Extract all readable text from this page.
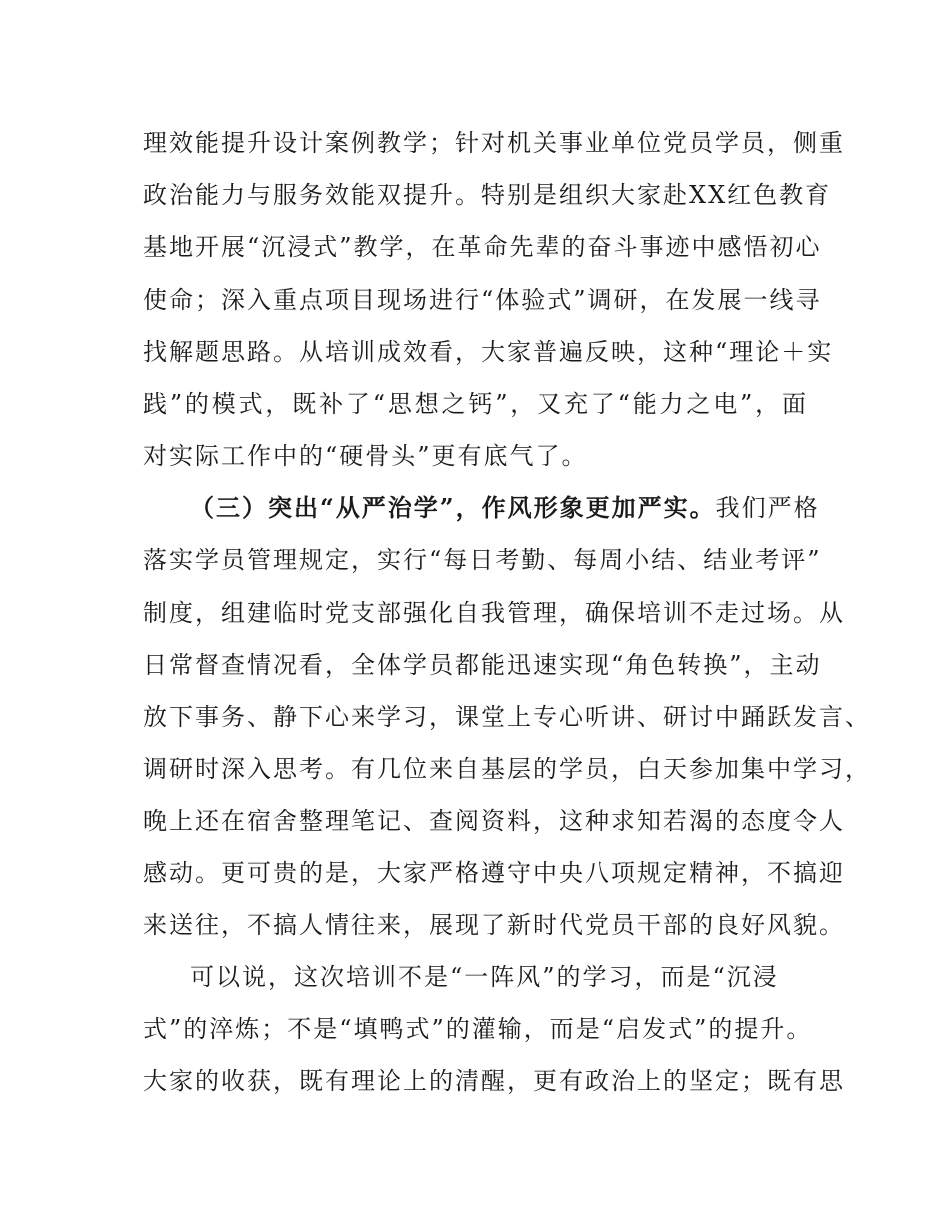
理效能提升设计案例教学；针对机关事业单位党员学员，侧重
政治能力与服务效能双提升。特别是组织大家赴XX红色教育
基地开展“沉浸式”教学，在革命先辈的奋斗事迹中感悟初心
使命；深入重点项目现场进行“体验式”调研，在发展一线寻
找解题思路。从培训成效看，大家普遍反映，这种“理论＋实
践”的模式，既补了“思想之钙”，又充了“能力之电”，面
对实际工作中的“硬骨头”更有底气了。
（三）突出“从严治学”，作风形象更加严实。我们严格
落实学员管理规定，实行“每日考勤、每周小结、结业考评”
制度，组建临时党支部强化自我管理，确保培训不走过场。从
日常督查情况看，全体学员都能迅速实现“角色转换”，主动
放下事务、静下心来学习，课堂上专心听讲、研讨中踊跃发言、
调研时深入思考。有几位来自基层的学员，白天参加集中学习，
晚上还在宿舍整理笔记、查阅资料，这种求知若渴的态度令人
感动。更可贵的是，大家严格遵守中央八项规定精神，不搞迎
来送往，不搞人情往来，展现了新时代党员干部的良好风貌。
可以说，这次培训不是“一阵风”的学习，而是“沉浸
式”的淬炼；不是“填鸭式”的灌输，而是“启发式”的提升。
大家的收获，既有理论上的清醒，更有政治上的坚定；既有思
